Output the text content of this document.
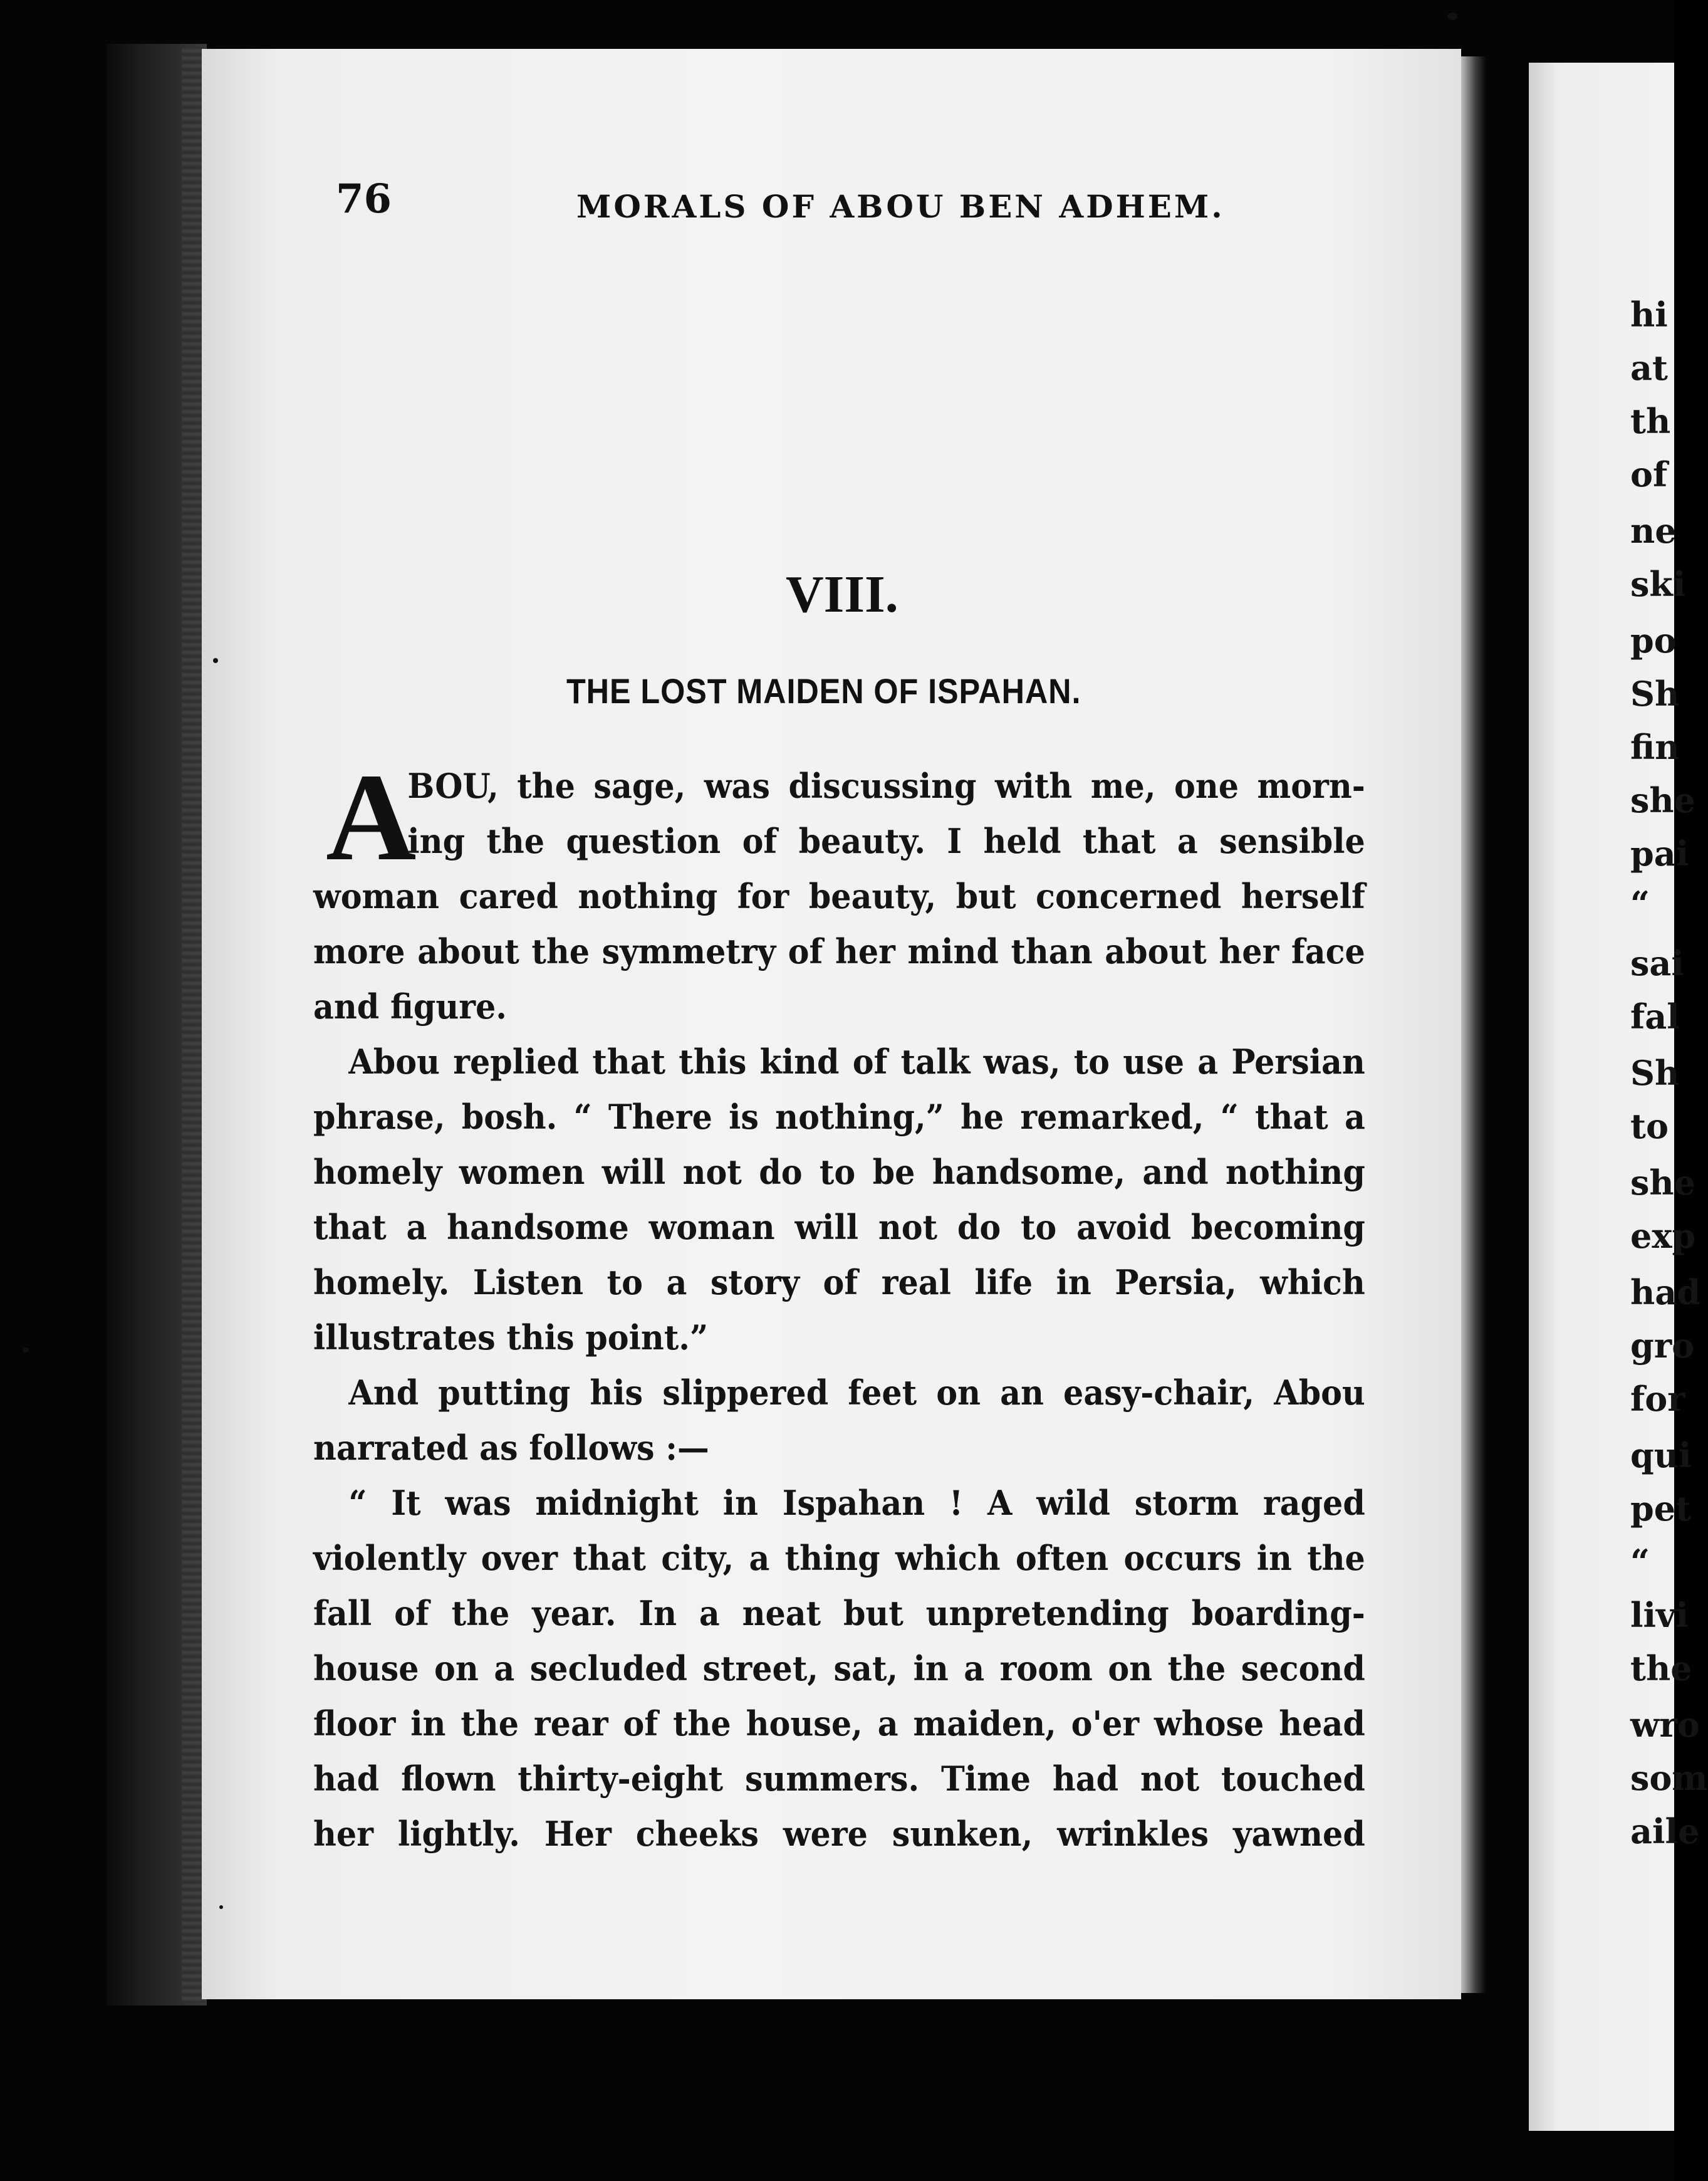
76	MORALS OF ABOU BEN ADHEM.
VIII.
THE LOST MAIDEN OF ISPAHAN.
A
BOU, the sage, was discussing with me, one morn-
ing the question of beauty. I held that a sensible
woman cared nothing for beauty, but concerned herself
more about the symmetry of her mind than about her face
and figure.
Abou replied that this kind of talk was, to use a Persian
phrase, bosh. “ There is nothing,” he remarked, “ that a
homely women will not do to be handsome, and nothing
that a handsome woman will not do to avoid becoming
homely. Listen to a story of real life in Persia, which
illustrates this point.”
And putting his slippered feet on an easy-chair, Abou
narrated as follows :—
“ It was midnight in Ispahan ! A wild storm raged
violently over that city, a thing which often occurs in the
fall of the year. In a neat but unpretending boarding-
house on a secluded street, sat, in a room on the second
floor in the rear of the house, a maiden, o'er whose head
had flown thirty-eight summers. Time had not touched
her lightly. Her cheeks were sunken, wrinkles yawned
hi
at
th
of
ne
ski
po
Sh
fin
she
pai
“
sai
fal
Sh
to
she
exp
had
gro
for
qui
pet
“
livi
the
wro
som
aile
